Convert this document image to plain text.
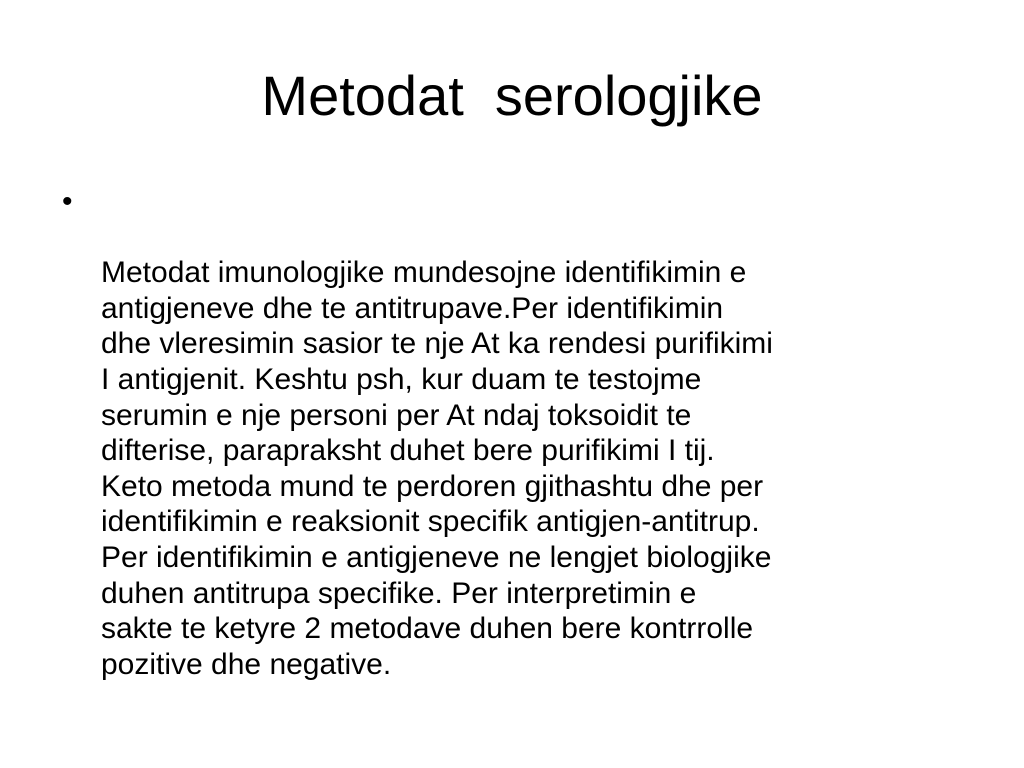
Metodat  serologjike

•

Metodat imunologjike mundesojne identifikimin e
antigjeneve dhe te antitrupave.Per identifikimin
dhe vleresimin sasior te nje At ka rendesi purifikimi
I antigjenit. Keshtu psh, kur duam te testojme
serumin e nje personi per At ndaj toksoidit te
difterise, parapraksht duhet bere purifikimi I tij.
Keto metoda mund te perdoren gjithashtu dhe per
identifikimin e reaksionit specifik antigjen-antitrup.
Per identifikimin e antigjeneve ne lengjet biologjike
duhen antitrupa specifike. Per interpretimin e
sakte te ketyre 2 metodave duhen bere kontrrolle
pozitive dhe negative.
